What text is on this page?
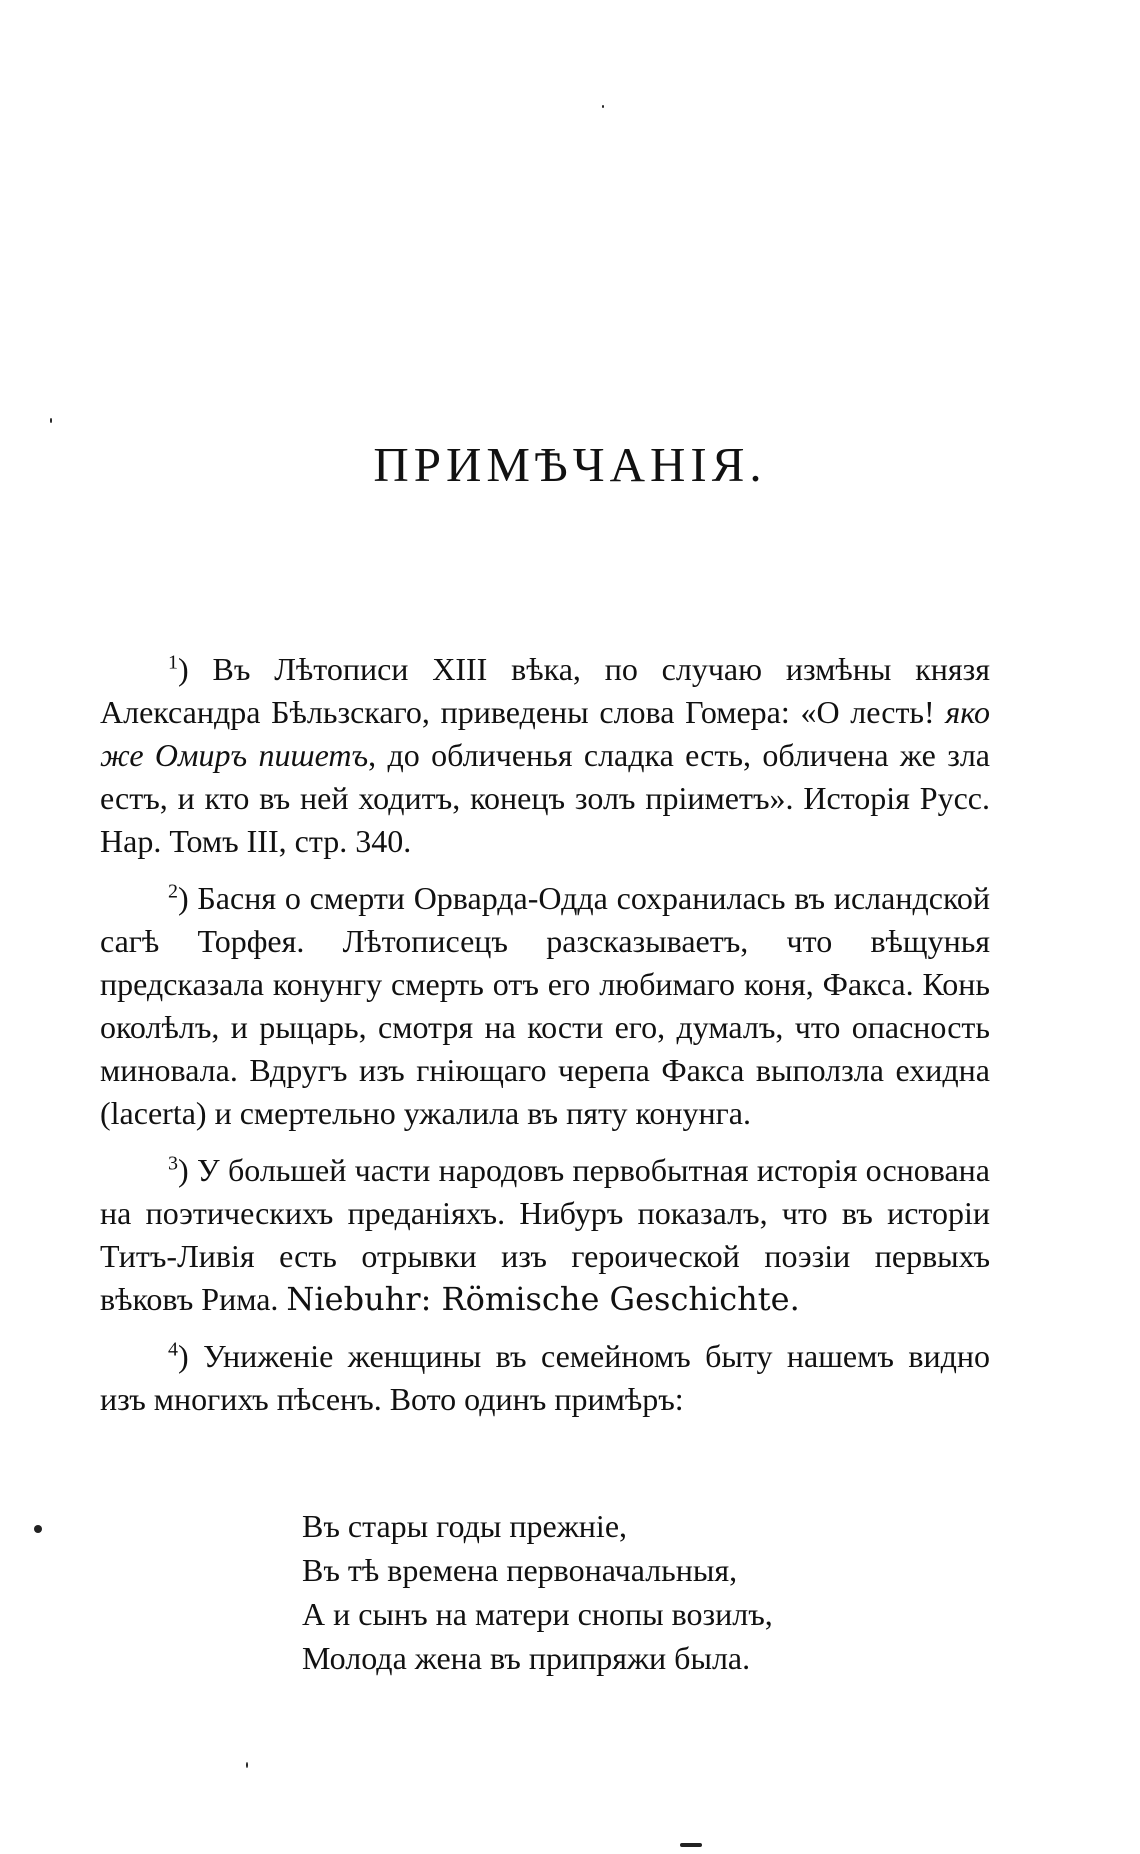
ПРИМѢЧАНІЯ.

$^1$) Въ Лѣтописи XIII вѣка, по случаю измѣны князя Александра Бѣльзскаго, приведены слова Гомера: «О лесть! яко же Омиръ пишетъ, до обличенья сладка есть, обличена же зла естъ, и кто въ ней ходитъ, конецъ золъ пріиметъ». Исторія Русс. Нар. Томъ III, стр. 340.

$^2$) Басня о смерти Орварда-Одда сохранилась въ исландской сагѣ Торфея. Лѣтописецъ разсказываетъ, что вѣщунья предсказала конунгу смерть отъ его любимаго коня, Факса. Конь околѣлъ, и рыцарь, смотря на кости его, думалъ, что опасность миновала. Вдругъ изъ гніющаго черепа Факса выползла ехидна (lacerta) и смертельно ужалила въ пяту конунга.

$^3$) У большей части народовъ первобытная исторія основана на поэтическихъ преданіяхъ. Нибуръ показалъ, что въ исторіи Титъ-Ливія есть отрывки изъ героической поэзіи первыхъ вѣковъ Рима. Niebuhr: Römische Geschichte.

$^4$) Униженіе женщины въ семейномъ быту нашемъ видно изъ многихъ пѣсенъ. Вото одинъ примѣръ:

Въ стары годы прежніе,
Въ тѣ времена первоначальныя,
А и сынъ на матери снопы возилъ,
Молода жена въ припряжи была.
